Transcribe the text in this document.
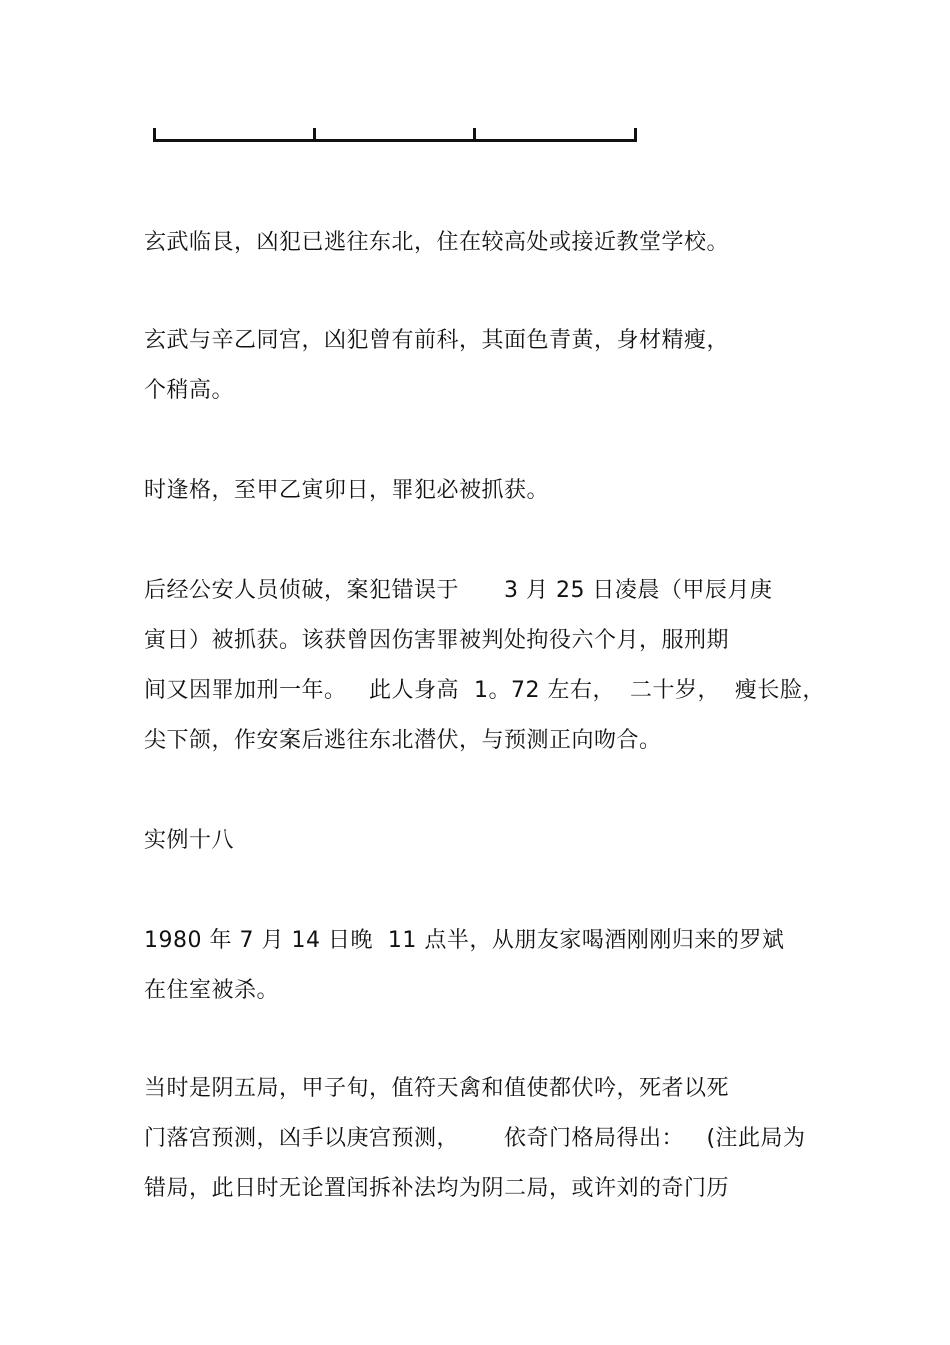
玄武临艮，凶犯已逃往东北，住在较高处或接近教堂学校。
玄武与辛乙同宫，凶犯曾有前科，其面色青黄，身材精瘦，
个稍高。
时逢格，至甲乙寅卯日，罪犯必被抓获。
后经公安人员侦破，案犯错误于      3 月 25 日凌晨（甲辰月庚
寅日）被抓获。该获曾因伤害罪被判处拘役六个月，服刑期
间又因罪加刑一年。   此人身高  1。72 左右，  二十岁，  瘦长脸，
尖下颌，作安案后逃往东北潜伏，与预测正向吻合。
实例十八
1980 年 7 月 14 日晚  11 点半，从朋友家喝酒刚刚归来的罗斌
在住室被杀。
当时是阴五局，甲子旬，值符天禽和值使都伏吟，死者以死
门落宫预测，凶手以庚宫预测，      依奇门格局得出：   (注此局为
错局，此日时无论置闰拆补法均为阴二局，或许刘的奇门历
